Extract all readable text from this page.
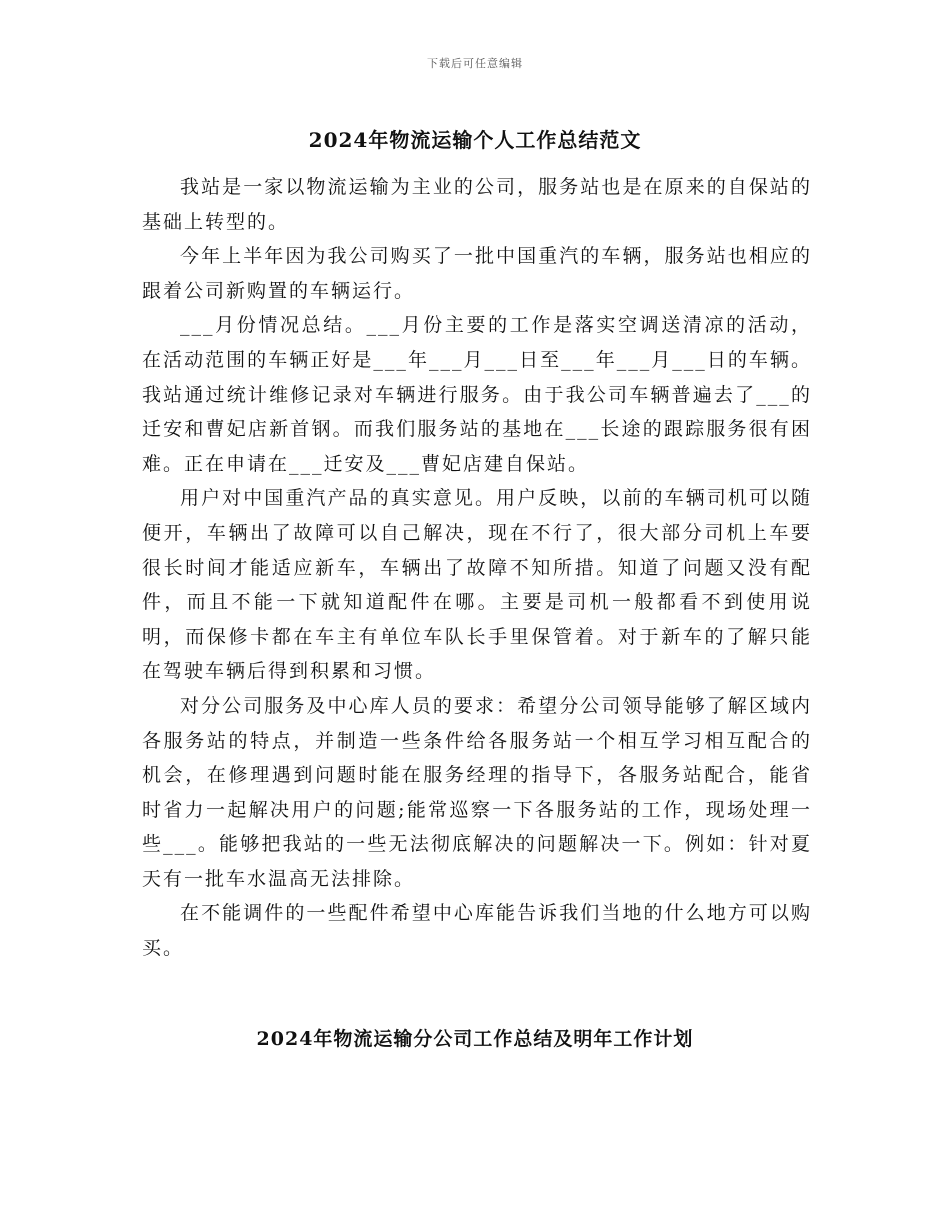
下载后可任意编辑
2024年物流运输个人工作总结范文

我站是一家以物流运输为主业的公司，服务站也是在原来的自保站的基础上转型的。

今年上半年因为我公司购买了一批中国重汽的车辆，服务站也相应的跟着公司新购置的车辆运行。

___月份情况总结。___月份主要的工作是落实空调送清凉的活动，在活动范围的车辆正好是___年___月___日至___年___月___日的车辆。我站通过统计维修记录对车辆进行服务。由于我公司车辆普遍去了___的迁安和曹妃店新首钢。而我们服务站的基地在___长途的跟踪服务很有困难。正在申请在___迁安及___曹妃店建自保站。

用户对中国重汽产品的真实意见。用户反映，以前的车辆司机可以随便开，车辆出了故障可以自己解决，现在不行了，很大部分司机上车要很长时间才能适应新车，车辆出了故障不知所措。知道了问题又没有配件，而且不能一下就知道配件在哪。主要是司机一般都看不到使用说明，而保修卡都在车主有单位车队长手里保管着。对于新车的了解只能在驾驶车辆后得到积累和习惯。

对分公司服务及中心库人员的要求：希望分公司领导能够了解区域内各服务站的特点，并制造一些条件给各服务站一个相互学习相互配合的机会，在修理遇到问题时能在服务经理的指导下，各服务站配合，能省时省力一起解决用户的问题;能常巡察一下各服务站的工作，现场处理一些___。能够把我站的一些无法彻底解决的问题解决一下。例如：针对夏天有一批车水温高无法排除。

在不能调件的一些配件希望中心库能告诉我们当地的什么地方可以购买。

2024年物流运输分公司工作总结及明年工作计划
